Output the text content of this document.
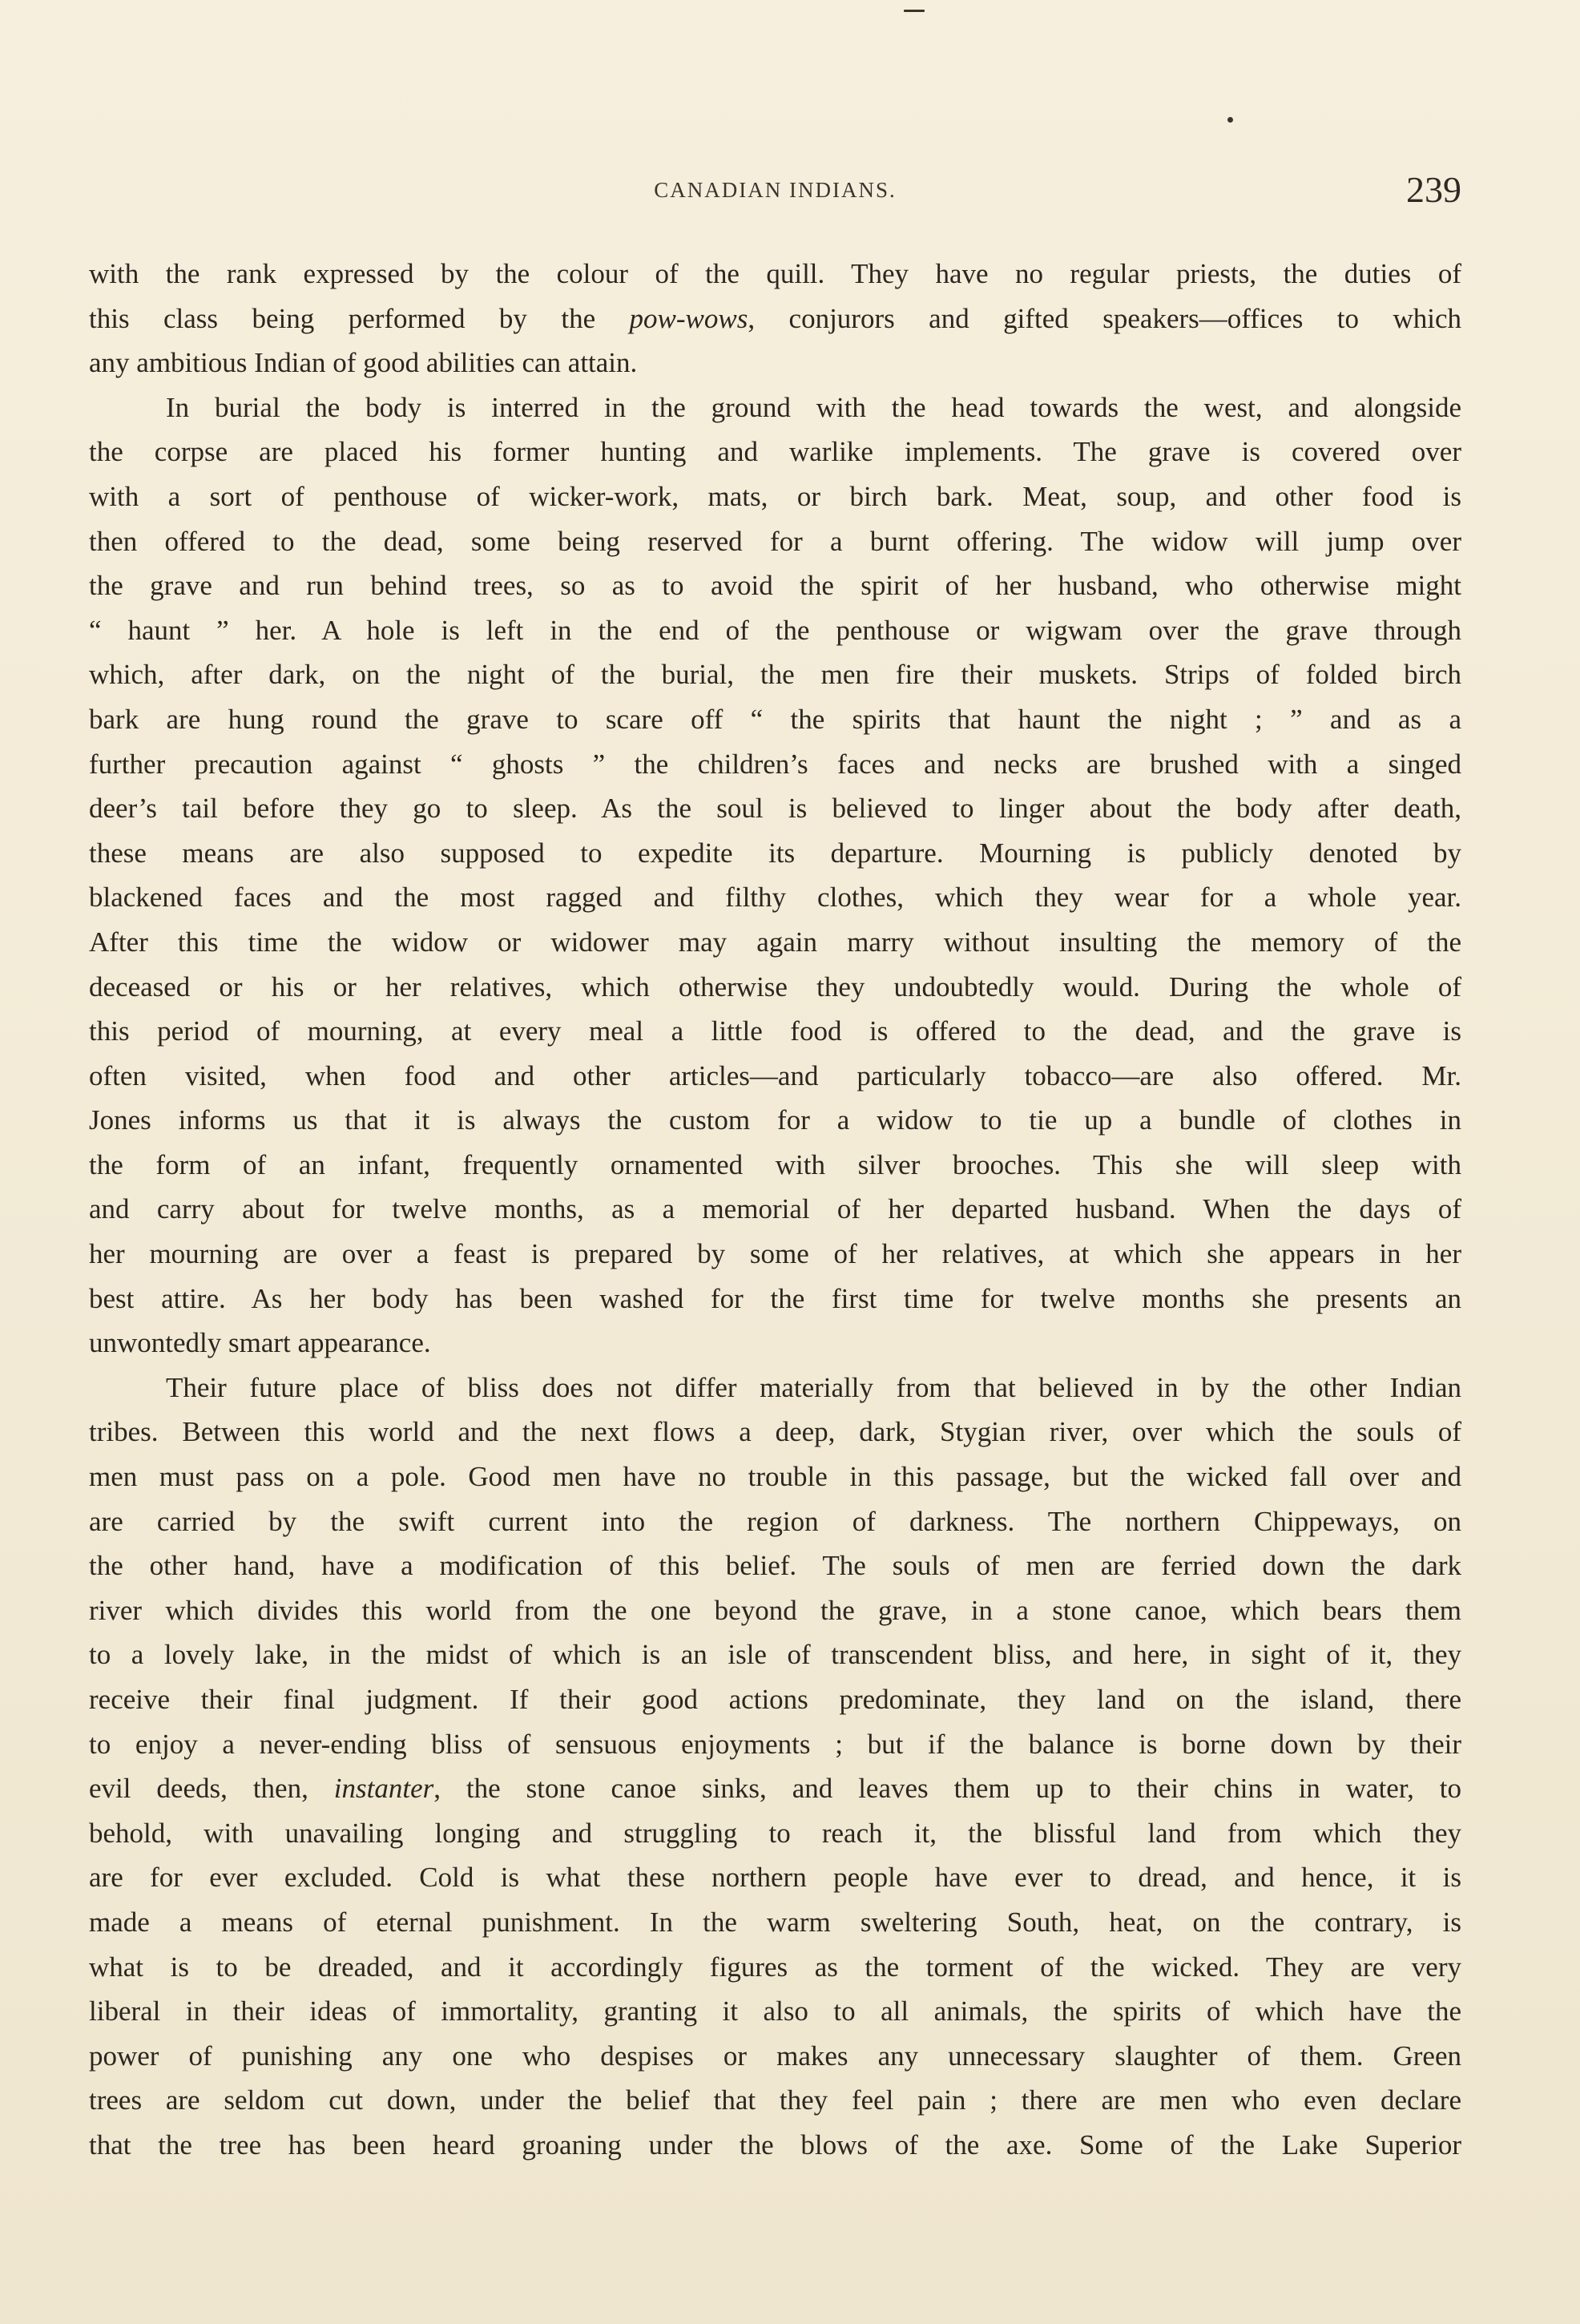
CANADIAN INDIANS.	239
with the rank expressed by the colour of the quill. They have no regular priests, the duties of
this class being performed by the pow-wows, conjurors and gifted speakers—offices to which
any ambitious Indian of good abilities can attain.
In burial the body is interred in the ground with the head towards the west, and alongside
the corpse are placed his former hunting and warlike implements. The grave is covered over
with a sort of penthouse of wicker-work, mats, or birch bark. Meat, soup, and other food is
then offered to the dead, some being reserved for a burnt offering. The widow will jump over
the grave and run behind trees, so as to avoid the spirit of her husband, who otherwise might
“ haunt ” her. A hole is left in the end of the penthouse or wigwam over the grave through
which, after dark, on the night of the burial, the men fire their muskets. Strips of folded birch
bark are hung round the grave to scare off “ the spirits that haunt the night ; ” and as a
further precaution against “ ghosts ” the children’s faces and necks are brushed with a singed
deer’s tail before they go to sleep. As the soul is believed to linger about the body after death,
these means are also supposed to expedite its departure. Mourning is publicly denoted by
blackened faces and the most ragged and filthy clothes, which they wear for a whole year.
After this time the widow or widower may again marry without insulting the memory of the
deceased or his or her relatives, which otherwise they undoubtedly would. During the whole of
this period of mourning, at every meal a little food is offered to the dead, and the grave is
often visited, when food and other articles—and particularly tobacco—are also offered. Mr.
Jones informs us that it is always the custom for a widow to tie up a bundle of clothes in
the form of an infant, frequently ornamented with silver brooches. This she will sleep with
and carry about for twelve months, as a memorial of her departed husband. When the days of
her mourning are over a feast is prepared by some of her relatives, at which she appears in her
best attire. As her body has been washed for the first time for twelve months she presents an
unwontedly smart appearance.
Their future place of bliss does not differ materially from that believed in by the other Indian
tribes. Between this world and the next flows a deep, dark, Stygian river, over which the souls of
men must pass on a pole. Good men have no trouble in this passage, but the wicked fall over and
are carried by the swift current into the region of darkness. The northern Chippeways, on
the other hand, have a modification of this belief. The souls of men are ferried down the dark
river which divides this world from the one beyond the grave, in a stone canoe, which bears them
to a lovely lake, in the midst of which is an isle of transcendent bliss, and here, in sight of it, they
receive their final judgment. If their good actions predominate, they land on the island, there
to enjoy a never-ending bliss of sensuous enjoyments ; but if the balance is borne down by their
evil deeds, then, instanter, the stone canoe sinks, and leaves them up to their chins in water, to
behold, with unavailing longing and struggling to reach it, the blissful land from which they
are for ever excluded. Cold is what these northern people have ever to dread, and hence, it is
made a means of eternal punishment. In the warm sweltering South, heat, on the contrary, is
what is to be dreaded, and it accordingly figures as the torment of the wicked. They are very
liberal in their ideas of immortality, granting it also to all animals, the spirits of which have the
power of punishing any one who despises or makes any unnecessary slaughter of them. Green
trees are seldom cut down, under the belief that they feel pain ; there are men who even declare
that the tree has been heard groaning under the blows of the axe. Some of the Lake Superior
